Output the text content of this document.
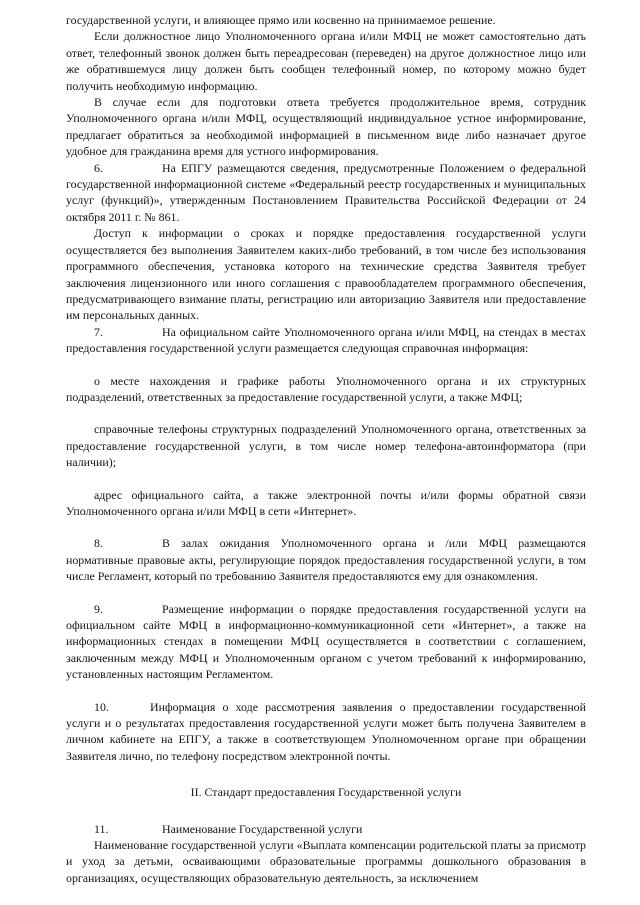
государственной услуги, и влияющее прямо или косвенно на принимаемое решение.

Если должностное лицо Уполномоченного органа и/или МФЦ не может самостоятельно дать ответ, телефонный звонок должен быть переадресован (переведен) на другое должностное лицо или же обратившемуся лицу должен быть сообщен телефонный номер, по которому можно будет получить необходимую информацию.

В случае если для подготовки ответа требуется продолжительное время, сотрудник Уполномоченного органа и/или МФЦ, осуществляющий индивидуальное устное информирование, предлагает обратиться за необходимой информацией в письменном виде либо назначает другое удобное для гражданина время для устного информирования.

6.	На ЕПГУ размещаются сведения, предусмотренные Положением о федеральной государственной информационной системе «Федеральный реестр государственных и муниципальных услуг (функций)», утвержденным Постановлением Правительства Российской Федерации от 24 октября 2011 г. № 861.

Доступ к информации о сроках и порядке предоставления государственной услуги осуществляется без выполнения Заявителем каких-либо требований, в том числе без использования программного обеспечения, установка которого на технические средства Заявителя требует заключения лицензионного или иного соглашения с правообладателем программного обеспечения, предусматривающего взимание платы, регистрацию или авторизацию Заявителя или предоставление им персональных данных.

7.	На официальном сайте Уполномоченного органа и/или МФЦ, на стендах в местах предоставления государственной услуги размещается следующая справочная информация:

о месте нахождения и графике работы Уполномоченного органа и их структурных подразделений, ответственных за предоставление государственной услуги, а также МФЦ;

справочные телефоны структурных подразделений Уполномоченного органа, ответственных за предоставление государственной услуги, в том числе номер телефона-автоинформатора (при наличии);

адрес официального сайта, а также электронной почты и/или формы обратной связи Уполномоченного органа и/или МФЦ в сети «Интернет».

8.	В залах ожидания Уполномоченного органа и /или МФЦ размещаются нормативные правовые акты, регулирующие порядок предоставления государственной услуги, в том числе Регламент, который по требованию Заявителя предоставляются ему для ознакомления.

9.	Размещение информации о порядке предоставления государственной услуги на официальном сайте МФЦ в информационно-коммуникационной сети «Интернет», а также на информационных стендах в помещении МФЦ осуществляется в соответствии с соглашением, заключенным между МФЦ и Уполномоченным органом с учетом требований к информированию, установленных настоящим Регламентом.

10.	Информация о ходе рассмотрения заявления о предоставлении государственной услуги и о результатах предоставления государственной услуги может быть получена Заявителем в личном кабинете на ЕПГУ, а также в соответствующем Уполномоченном органе при обращении Заявителя лично, по телефону посредством электронной почты.

II. Стандарт предоставления Государственной услуги

11.	Наименование Государственной услуги

Наименование государственной услуги «Выплата компенсации родительской платы за присмотр и уход за детьми, осваивающими образовательные программы дошкольного образования в организациях, осуществляющих образовательную деятельность, за исключением
